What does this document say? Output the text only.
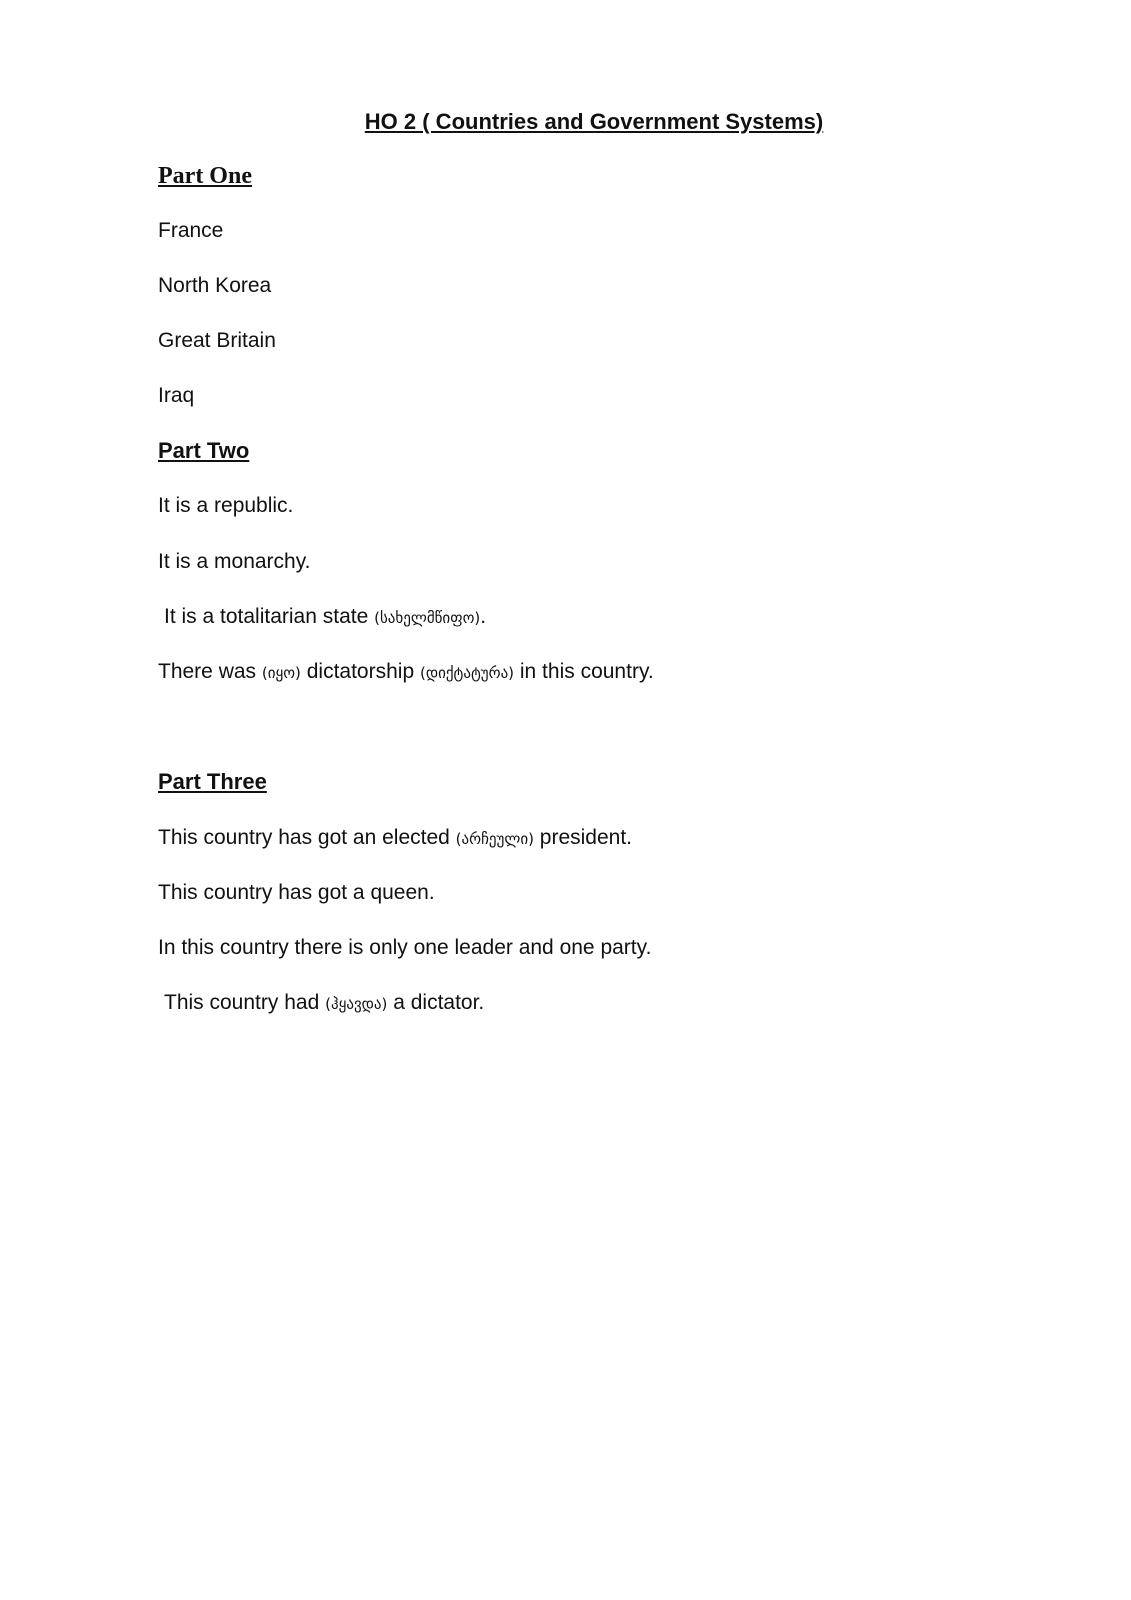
HO 2 ( Countries and Government Systems)
Part One
France
North Korea
Great Britain
Iraq
Part Two
It is a republic.
It is a monarchy.
It is a totalitarian state (სახელმწიფო).
There was (იყო) dictatorship (დიქტატურა) in this country.
Part Three
This country has got an elected (არჩეული) president.
This country has got a queen.
In this country there is only one leader and one party.
This country had (ჰყავდა) a dictator.
